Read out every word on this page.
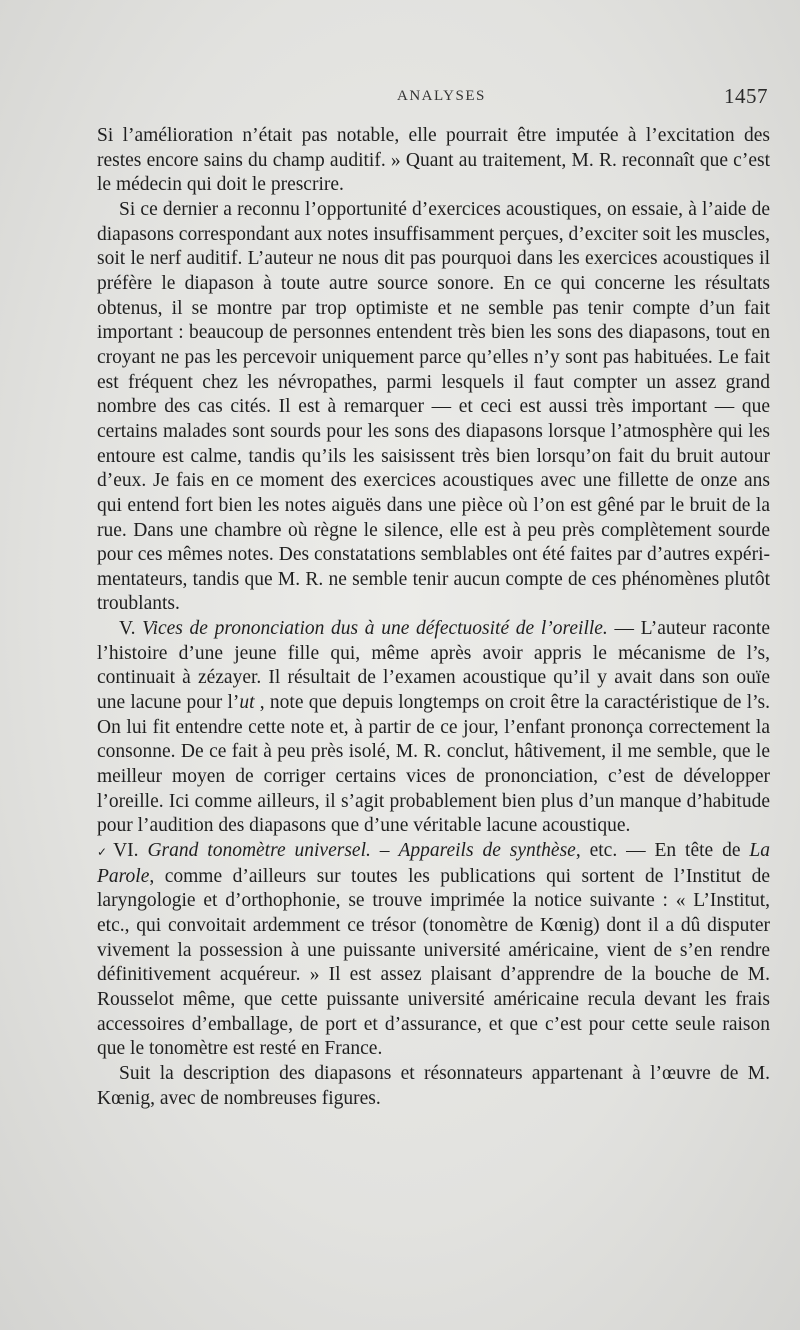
ANALYSES	1457

Si l’amélioration n’était pas notable, elle pourrait être imputée à l’excitation des restes encore sains du champ auditif. » Quant au traitement, M. R. reconnaît que c’est le médecin qui doit le prescrire.

Si ce dernier a reconnu l’opportunité d’exercices acoustiques, on essaie, à l’aide de diapasons correspondant aux notes insuffisamment perçues, d’exciter soit les muscles, soit le nerf auditif. L’auteur ne nous dit pas pourquoi dans les exercices acoustiques il préfère le diapason à toute autre source sonore. En ce qui concerne les résultats obtenus, il se montre par trop optimiste et ne semble pas tenir compte d’un fait important : beaucoup de personnes entendent très bien les sons des diapasons, tout en croyant ne pas les percevoir uniquement parce qu’elles n’y sont pas habituées. Le fait est fréquent chez les névropathes, parmi lesquels il faut compter un assez grand nombre des cas cités. Il est à remarquer — et ceci est aussi très important — que certains malades sont sourds pour les sons des diapasons lorsque l’atmosphère qui les entoure est calme, tandis qu’ils les saisissent très bien lorsqu’on fait du bruit autour d’eux. Je fais en ce moment des exercices acoustiques avec une fillette de onze ans qui entend fort bien les notes aiguës dans une pièce où l’on est gêné par le bruit de la rue. Dans une chambre où règne le silence, elle est à peu près complètement sourde pour ces mêmes notes. Des constatations semblables ont été faites par d’autres expérimentateurs, tandis que M. R. ne semble tenir aucun compte de ces phénomènes plutôt troublants.

V. Vices de prononciation dus à une défectuosité de l’oreille. — L’auteur raconte l’histoire d’une jeune fille qui, même après avoir appris le mécanisme de l’s, continuait à zézayer. Il résultait de l’examen acoustique qu’il y avait dans son ouïe une lacune pour l’ut , note que depuis longtemps on croit être la caractéristique de l’s. On lui fit entendre cette note et, à partir de ce jour, l’enfant prononça correctement la consonne. De ce fait à peu près isolé, M. R. conclut, hâtivement, il me semble, que le meilleur moyen de corriger certains vices de prononciation, c’est de développer l’oreille. Ici comme ailleurs, il s’agit probablement bien plus d’un manque d’habitude pour l’audition des diapasons que d’une véritable lacune acoustique.

✓ VI. Grand tonomètre universel. – Appareils de synthèse, etc. — En tête de La Parole, comme d’ailleurs sur toutes les publications qui sortent de l’Institut de laryngologie et d’orthophonie, se trouve imprimée la notice suivante : « L’Institut, etc., qui convoitait ardemment ce trésor (tonomètre de Kœnig) dont il a dû disputer vivement la possession à une puissante université américaine, vient de s’en rendre définitivement acquéreur. » Il est assez plaisant d’apprendre de la bouche de M. Rousselot même, que cette puissante université américaine recula devant les frais accessoires d’emballage, de port et d’assurance, et que c’est pour cette seule raison que le tonomètre est resté en France.

Suit la description des diapasons et résonnateurs appartenant à l’œuvre de M. Kœnig, avec de nombreuses figures.
